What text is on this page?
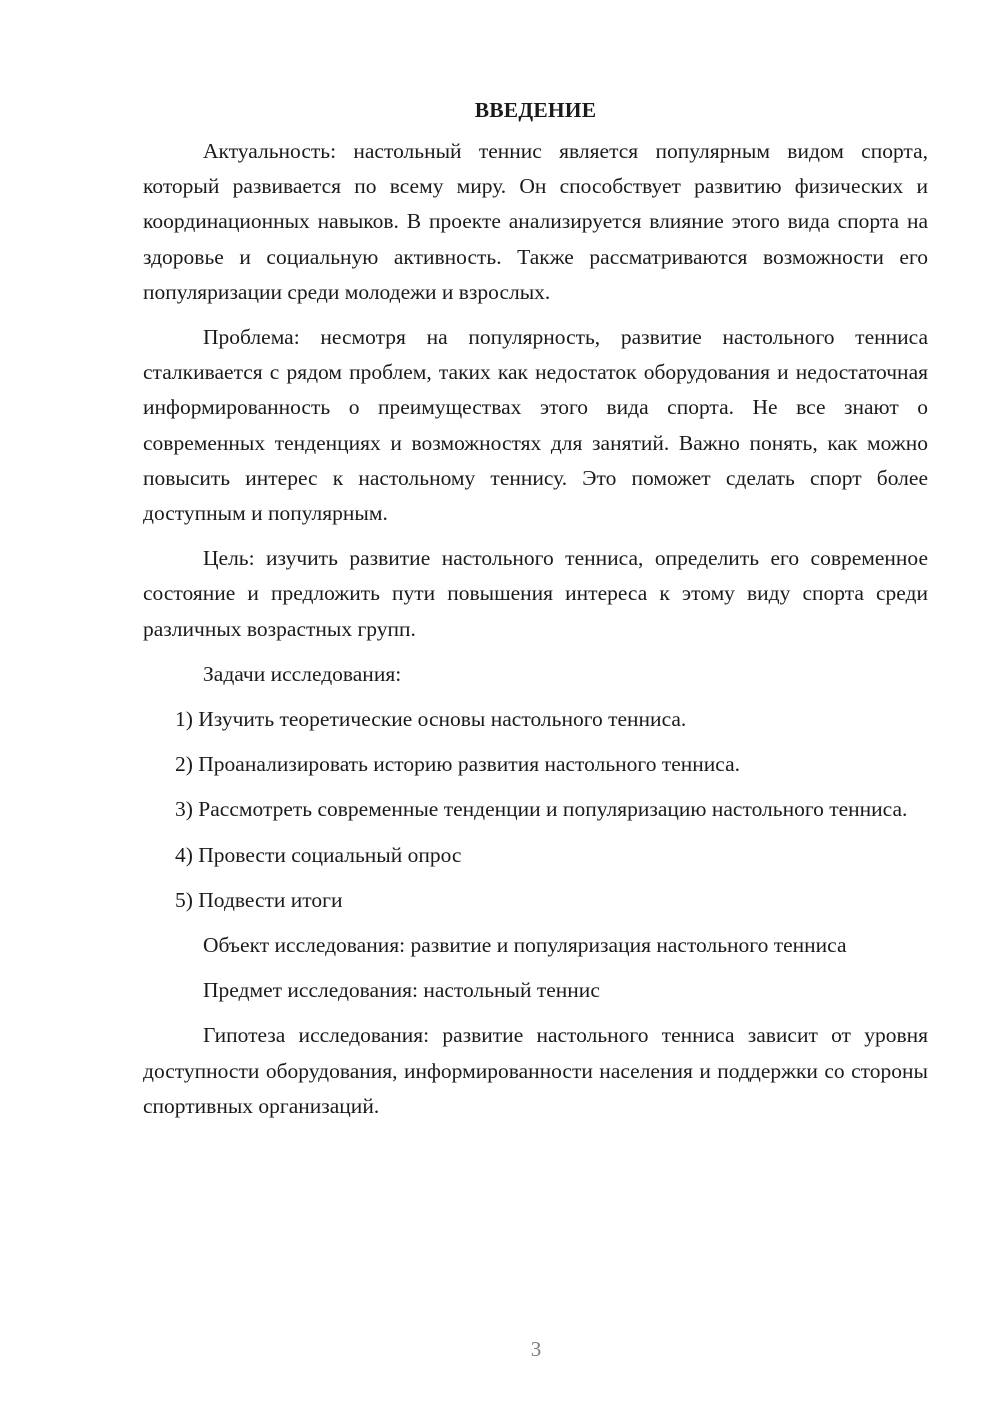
ВВЕДЕНИЕ

Актуальность: настольный теннис является популярным видом спорта, который развивается по всему миру. Он способствует развитию физических и координационных навыков. В проекте анализируется влияние этого вида спорта на здоровье и социальную активность. Также рассматриваются возможности его популяризации среди молодежи и взрослых.

Проблема: несмотря на популярность, развитие настольного тенниса сталкивается с рядом проблем, таких как недостаток оборудования и недостаточная информированность о преимуществах этого вида спорта. Не все знают о современных тенденциях и возможностях для занятий. Важно понять, как можно повысить интерес к настольному теннису. Это поможет сделать спорт более доступным и популярным.

Цель: изучить развитие настольного тенниса, определить его современное состояние и предложить пути повышения интереса к этому виду спорта среди различных возрастных групп.

Задачи исследования:

1) Изучить теоретические основы настольного тенниса.

2) Проанализировать историю развития настольного тенниса.

3) Рассмотреть современные тенденции и популяризацию настольного тенниса.

4) Провести социальный опрос

5) Подвести итоги

Объект исследования: развитие и популяризация настольного тенниса

Предмет исследования: настольный теннис

Гипотеза исследования: развитие настольного тенниса зависит от уровня доступности оборудования, информированности населения и поддержки со стороны спортивных организаций.

3
